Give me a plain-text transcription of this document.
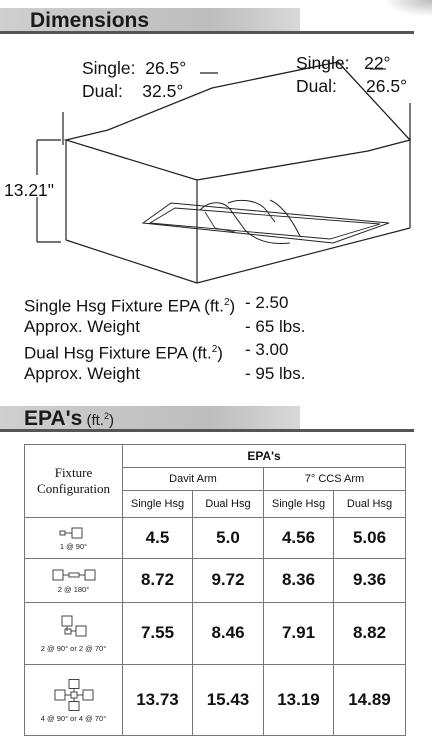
Dimensions
Single:  26.5°
Dual:    32.5°
Single:   22°
Dual:      26.5°
13.21"
Single Hsg Fixture EPA (ft.$^2$) - 2.50
Approx. Weight	- 65 lbs.
Dual Hsg Fixture EPA (ft.$^2$) - 3.00
Approx. Weight	- 95 lbs.
EPA's (ft.$^2$)
Fixture Configuration	EPA's			
	Davit Arm		7° CCS Arm	
	Single Hsg	Dual Hsg	Single Hsg	Dual Hsg

1 @ 90°	4.5	5.0	4.56	5.06

2 @ 180°	8.72	9.72	8.36	9.36

2 @ 90° or 2 @ 70°	7.55	8.46	7.91	8.82

4 @ 90° or 4 @ 70°	13.73	15.43	13.19	14.89
